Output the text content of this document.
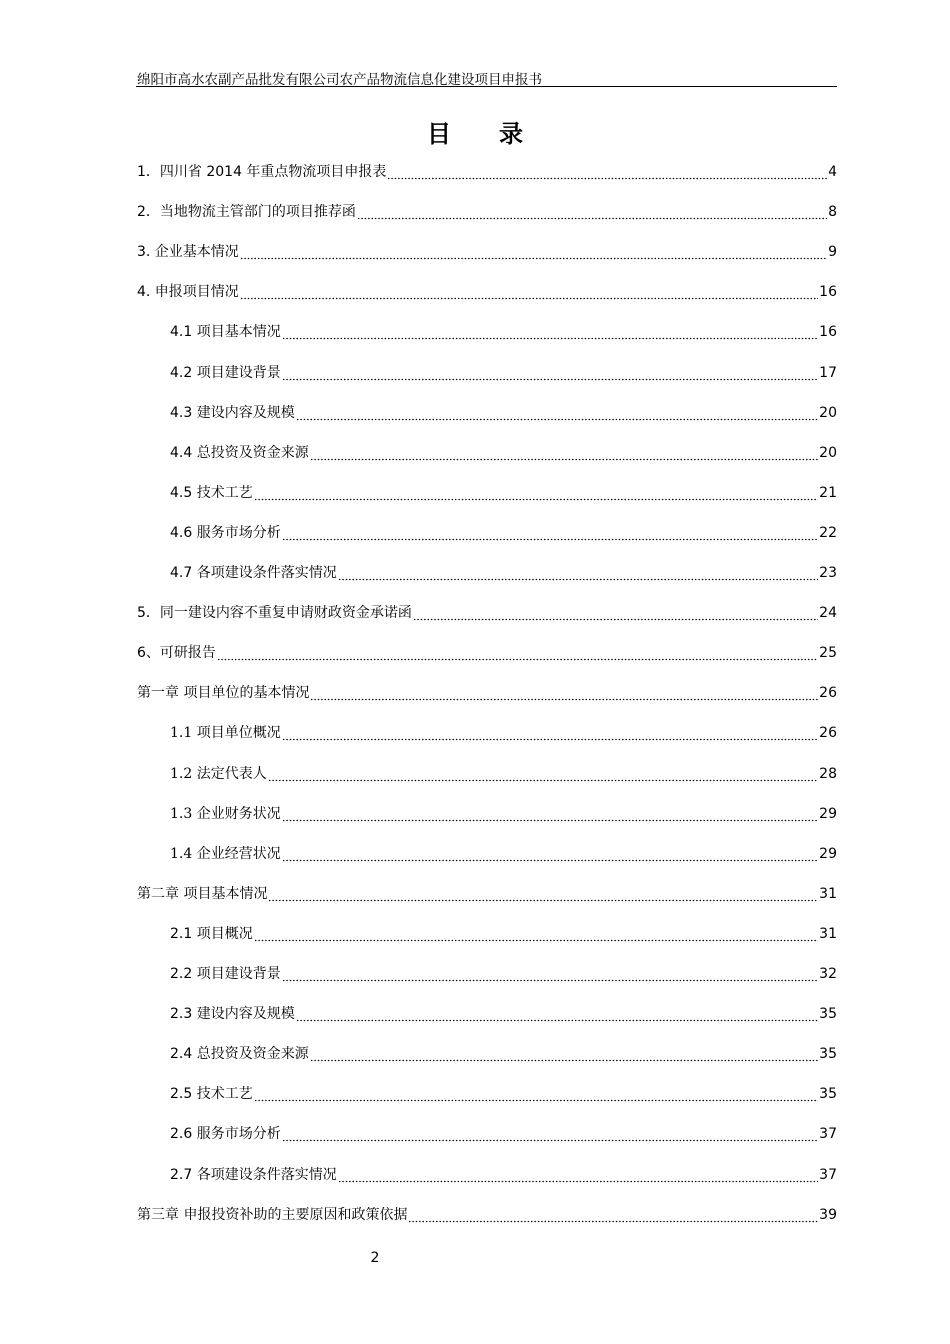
绵阳市高水农副产品批发有限公司农产品物流信息化建设项目申报书
目 录
1．四川省 2014 年重点物流项目申报表	4
2．当地物流主管部门的项目推荐函	8
3. 企业基本情况	9
4. 申报项目情况	16
4.1 项目基本情况	16
4.2 项目建设背景	17
4.3 建设内容及规模	20
4.4 总投资及资金来源	20
4.5 技术工艺	21
4.6 服务市场分析	22
4.7 各项建设条件落实情况	23
5．同一建设内容不重复申请财政资金承诺函	24
6、可研报告	25
第一章 项目单位的基本情况	26
1.1 项目单位概况	26
1.2 法定代表人	28
1.3 企业财务状况	29
1.4 企业经营状况	29
第二章 项目基本情况	31
2.1 项目概况	31
2.2 项目建设背景	32
2.3 建设内容及规模	35
2.4 总投资及资金来源	35
2.5 技术工艺	35
2.6 服务市场分析	37
2.7 各项建设条件落实情况	37
第三章 申报投资补助的主要原因和政策依据	39
2
